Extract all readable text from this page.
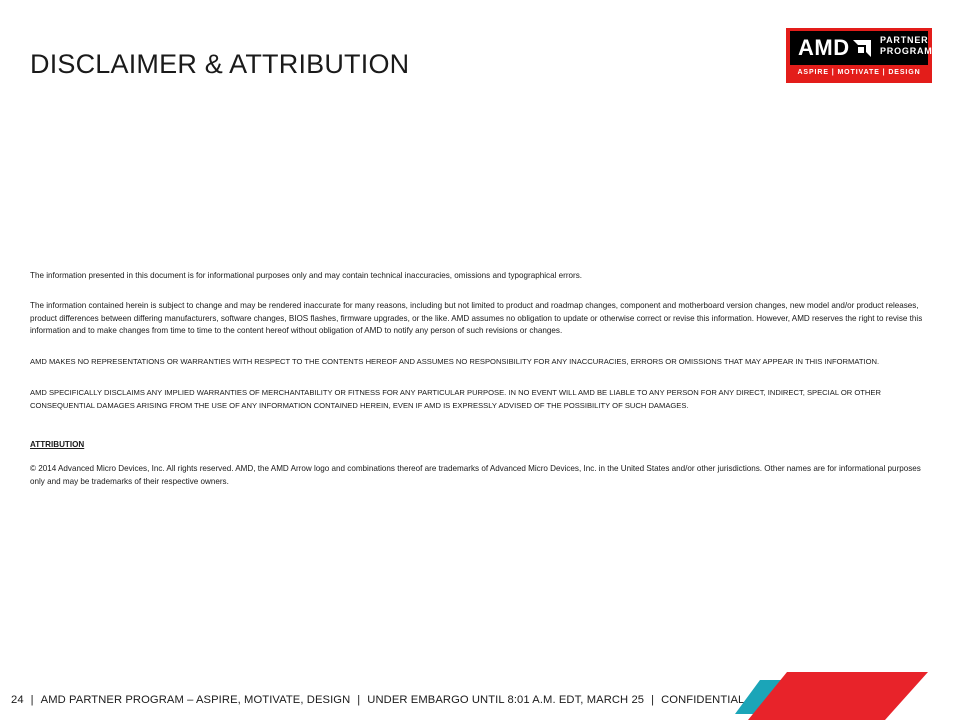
DISCLAIMER & ATTRIBUTION
AMD	PARTNER
PROGRAM
ASPIRE | MOTIVATE | DESIGN

The information presented in this document is for informational purposes only and may contain technical inaccuracies, omissions and typographical errors.

The information contained herein is subject to change and may be rendered inaccurate for many reasons, including but not limited to product and roadmap changes, component and motherboard version changes, new model and/or product releases, product differences between differing manufacturers, software changes, BIOS flashes, firmware upgrades, or the like. AMD assumes no obligation to update or otherwise correct or revise this information. However, AMD reserves the right to revise this information and to make changes from time to time to the content hereof without obligation of AMD to notify any person of such revisions or changes.

AMD MAKES NO REPRESENTATIONS OR WARRANTIES WITH RESPECT TO THE CONTENTS HEREOF AND ASSUMES NO RESPONSIBILITY FOR ANY INACCURACIES, ERRORS OR OMISSIONS THAT MAY APPEAR IN THIS INFORMATION.

AMD SPECIFICALLY DISCLAIMS ANY IMPLIED WARRANTIES OF MERCHANTABILITY OR FITNESS FOR ANY PARTICULAR PURPOSE. IN NO EVENT WILL AMD BE LIABLE TO ANY PERSON FOR ANY DIRECT, INDIRECT, SPECIAL OR OTHER CONSEQUENTIAL DAMAGES ARISING FROM THE USE OF ANY INFORMATION CONTAINED HEREIN, EVEN IF AMD IS EXPRESSLY ADVISED OF THE POSSIBILITY OF SUCH DAMAGES.

ATTRIBUTION

© 2014 Advanced Micro Devices, Inc. All rights reserved. AMD, the AMD Arrow logo and combinations thereof are trademarks of Advanced Micro Devices, Inc. in the United States and/or other jurisdictions. Other names are for informational purposes only and may be trademarks of their respective owners.

24 | AMD PARTNER PROGRAM – ASPIRE, MOTIVATE, DESIGN | UNDER EMBARGO UNTIL 8:01 A.M. EDT, MARCH 25 | CONFIDENTIAL
